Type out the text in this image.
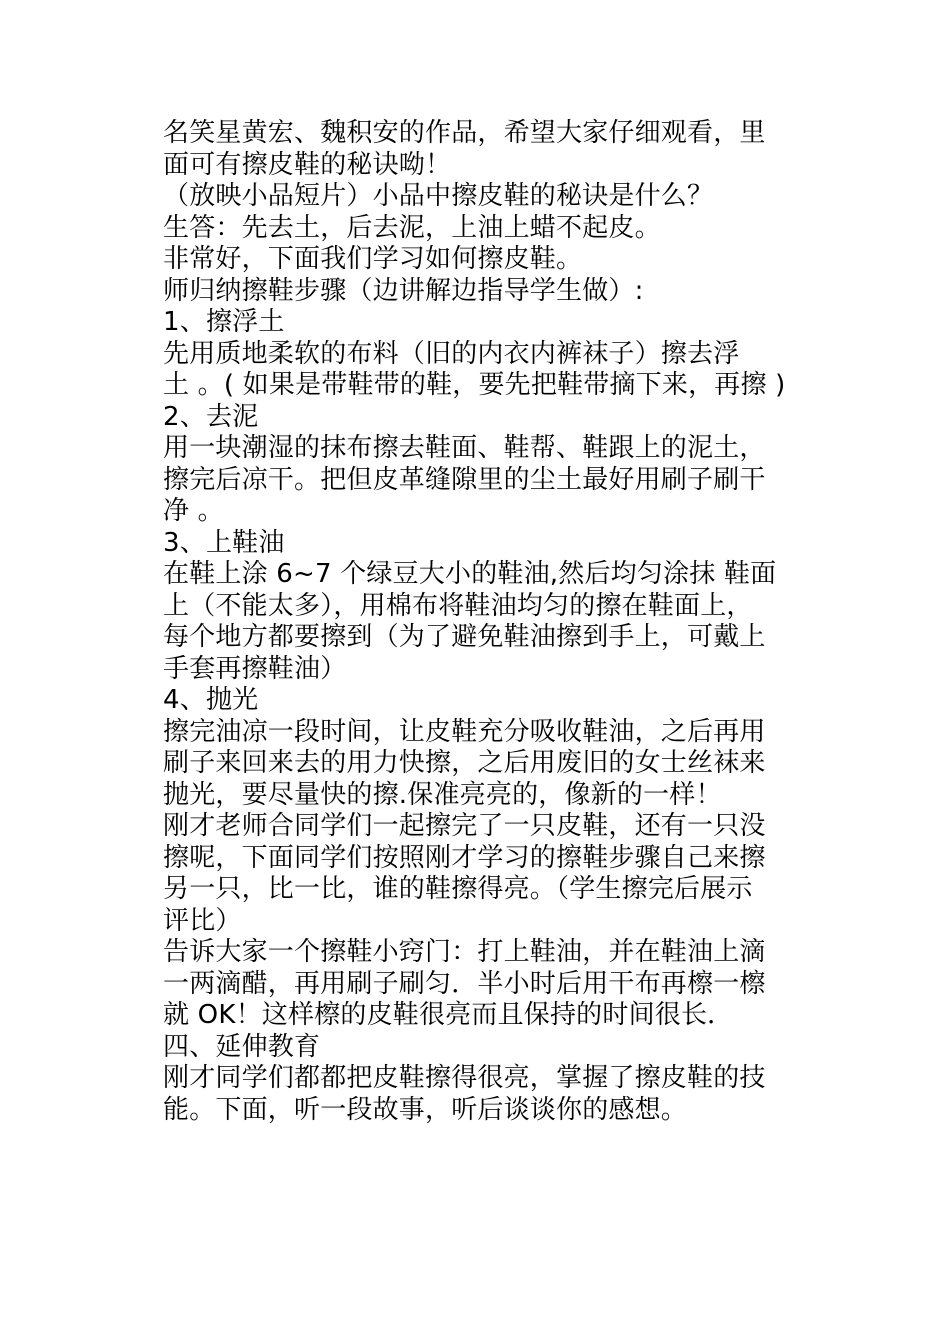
名笑星黄宏、魏积安的作品，希望大家仔细观看，里
面可有擦皮鞋的秘诀呦！
（放映小品短片）小品中擦皮鞋的秘诀是什么？
生答：先去土，后去泥，上油上蜡不起皮。
非常好，下面我们学习如何擦皮鞋。
师归纳擦鞋步骤（边讲解边指导学生做）:
1、擦浮土
先用质地柔软的布料（旧的内衣内裤袜子）擦去浮
土 。( 如果是带鞋带的鞋，要先把鞋带摘下来，再擦 )
2、去泥
用一块潮湿的抹布擦去鞋面、鞋帮、鞋跟上的泥土，
擦完后凉干。把但皮革缝隙里的尘土最好用刷子刷干
净 。
3、上鞋油
在鞋上涂 6~7 个绿豆大小的鞋油,然后均匀涂抹 鞋面
上（不能太多），用棉布将鞋油均匀的擦在鞋面上，
每个地方都要擦到（为了避免鞋油擦到手上，可戴上
手套再擦鞋油）
4、抛光
擦完油凉一段时间，让皮鞋充分吸收鞋油，之后再用
刷子来回来去的用力快擦，之后用废旧的女士丝袜来
抛光，要尽量快的擦.保准亮亮的，像新的一样！
刚才老师合同学们一起擦完了一只皮鞋，还有一只没
擦呢，下面同学们按照刚才学习的擦鞋步骤自己来擦
另一只，比一比，谁的鞋擦得亮。（学生擦完后展示
评比）
告诉大家一个擦鞋小窍门：打上鞋油，并在鞋油上滴
一两滴醋，再用刷子刷匀．半小时后用干布再檫一檫
就 OK！这样檫的皮鞋很亮而且保持的时间很长．
四、延伸教育
刚才同学们都都把皮鞋擦得很亮，掌握了擦皮鞋的技
能。下面，听一段故事，听后谈谈你的感想。
